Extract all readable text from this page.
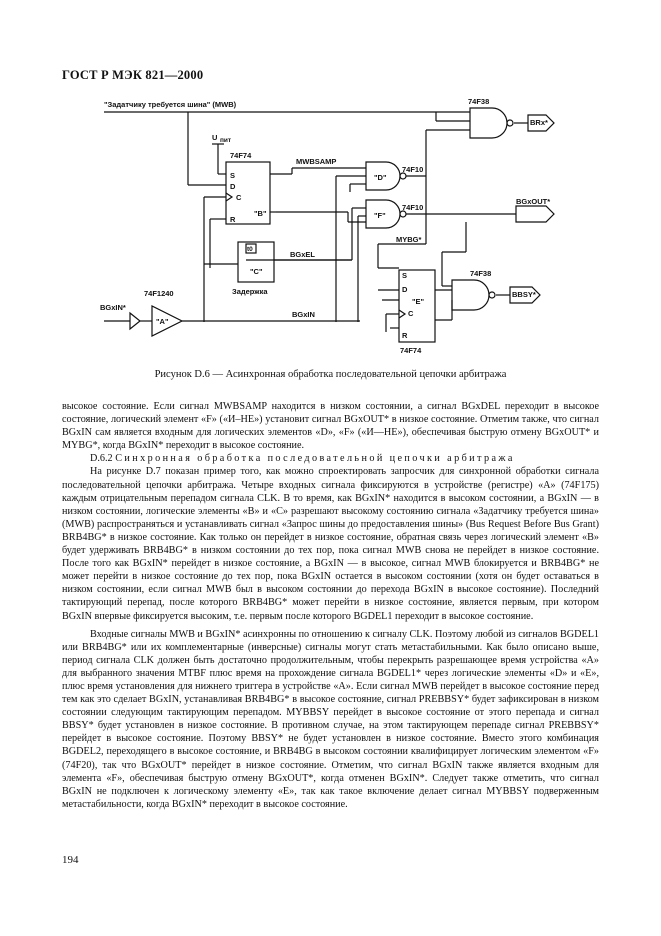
ГОСТ Р МЭК 821—2000
"Задатчику требуется шина" (MWB)
U пит
74F74
MWBSAMP
74F38
BRx*
74F10
74F10
"D"
"F"
BGxOUT*
MYBG*
S
D
C
R
"B"
t0
"C"
Задержка
BGxEL
74F1240
BGxIN*
"A"
BGxIN
74F38
BBSY*
S
D
C
R
"E"
74F74
Рисунок D.6 — Асинхронная обработка последовательной цепочки арбитража

высокое состояние. Если сигнал MWBSAMP находится в низком состоянии, а сигнал BGxDEL переходит в высокое состояние, логический элемент «F» («И–НЕ») установит сигнал BGxOUT* в низкое состояние. Отметим также, что сигнал BGxIN сам является входным для логических элементов «D», «F» («И—НЕ»), обеспечивая быструю отмену BGxOUT* и MYBG*, когда BGxIN* переходит в высокое состояние.

D.6.2 Синхронная обработка последовательной цепочки арбитража

На рисунке D.7 показан пример того, как можно спроектировать запросчик для синхронной обработки сигнала последовательной цепочки арбитража. Четыре входных сигнала фиксируются в устройстве (регистре) «А» (74F175) каждым отрицательным перепадом сигнала CLK. В то время, как BGxIN* находится в высоком состоянии, а BGxIN — в низком состоянии, логические элементы «В» и «С» разрешают высокому состоянию сигнала «Задатчику требуется шина» (MWB) распространяться и устанавливать сигнал «Запрос шины до предоставления шины» (Bus Request Before Bus Grant) BRB4BG* в низкое состояние. Как только он перейдет в низкое состояние, обратная связь через логический элемент «В» будет удерживать BRB4BG* в низком состоянии до тех пор, пока сигнал MWB снова не перейдет в низкое состояние. После того как BGxIN* перейдет в низкое состояние, а BGxIN — в высокое, сигнал MWB блокируется и BRB4BG* не может перейти в низкое состояние до тех пор, пока BGxIN остается в высоком состоянии (хотя он будет оставаться в низком состоянии, если сигнал MWB был в высоком состоянии до перехода BGxIN в высокое состояние). Последний тактирующий перепад, после которого BRB4BG* может перейти в низкое состояние, является первым, при котором BGxIN впервые фиксируется высоким, т.е. первым после которого BGDEL1 переходит в высокое состояние.

Входные сигналы MWB и BGxIN* асинхронны по отношению к сигналу CLK. Поэтому любой из сигналов BGDEL1 или BRB4BG* или их комплементарные (инверсные) сигналы могут стать метастабильными. Как было описано выше, период сигнала CLK должен быть достаточно продолжительным, чтобы перекрыть разрешающее время устройства «А» для выбранного значения MTBF плюс время на прохождение сигнала BGDEL1* через логические элементы «D» и «E», плюс время установления для нижнего триггера в устройстве «А». Если сигнал MWB перейдет в высокое состояние перед тем как это сделает BGxIN, устанавливая BRB4BG* в высокое состояние, сигнал PREBBSY* будет зафиксирован в низком состоянии следующим тактирующим перепадом. MYBBSY перейдет в высокое состояние от этого перепада и сигнал BBSY* будет установлен в низкое состояние. В противном случае, на этом тактирующем перепаде сигнал PREBBSY* перейдет в высокое состояние. Поэтому BBSY* не будет установлен в низкое состояние. Вместо этого комбинация BGDEL2, переходящего в высокое состояние, и BRB4BG в высоком состоянии квалифицирует логическим элементом «F» (74F20), так что BGxOUT* перейдет в низкое состояние. Отметим, что сигнал BGxIN также является входным для элемента «F», обеспечивая быструю отмену BGxOUT*, когда отменен BGxIN*. Следует также отметить, что сигнал BGxIN не подключен к логическому элементу «E», так как такое включение делает сигнал MYBBSY подверженным метастабильности, когда BGxIN* переходит в высокое состояние.

194
